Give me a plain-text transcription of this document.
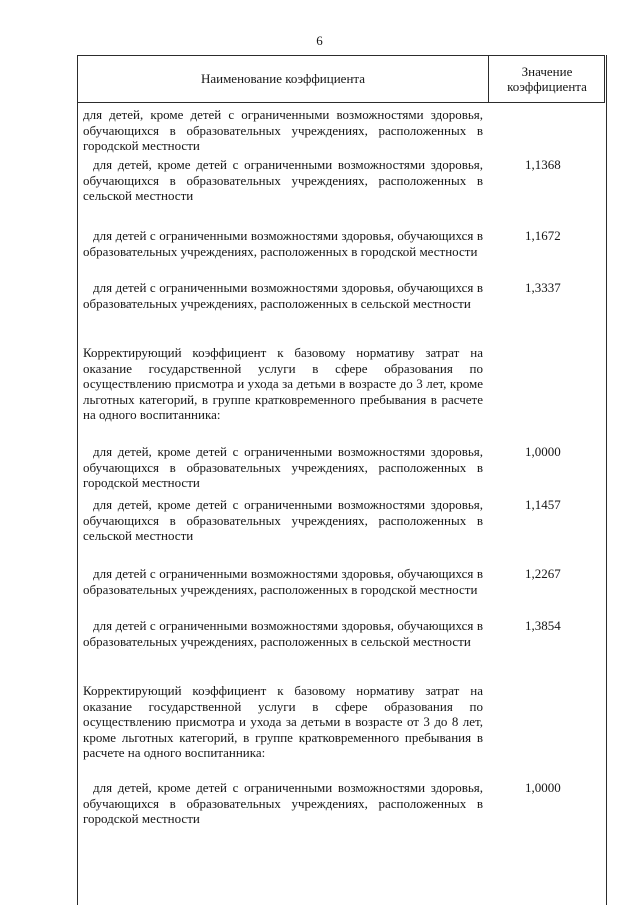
6
Наименование коэффициента	Значение
коэффициента

для детей, кроме детей с ограниченными возможностями здоровья, обучающихся в образовательных учреждениях, расположенных в городской местности

для детей, кроме детей с ограниченными возможностями здоровья, обучающихся в образовательных учреждениях, расположенных в сельской местности

1,1368

для детей с ограниченными возможностями здоровья, обучающихся в образовательных учреждениях, расположенных в городской местности

1,1672

для детей с ограниченными возможностями здоровья, обучающихся в образовательных учреждениях, расположенных в сельской местности

1,3337

Корректирующий коэффициент к базовому нормативу затрат на оказание государственной услуги в сфере образования по осуществлению присмотра и ухода за детьми в возрасте до 3 лет, кроме льготных категорий, в группе кратковременного пребывания в расчете на одного воспитанника:

для детей, кроме детей с ограниченными возможностями здоровья, обучающихся в образовательных учреждениях, расположенных в городской местности

1,0000

для детей, кроме детей с ограниченными возможностями здоровья, обучающихся в образовательных учреждениях, расположенных в сельской местности

1,1457

для детей с ограниченными возможностями здоровья, обучающихся в образовательных учреждениях, расположенных в городской местности

1,2267

для детей с ограниченными возможностями здоровья, обучающихся в образовательных учреждениях, расположенных в сельской местности

1,3854

Корректирующий коэффициент к базовому нормативу затрат на оказание государственной услуги в сфере образования по осуществлению присмотра и ухода за детьми в возрасте от 3 до 8 лет, кроме льготных категорий, в группе кратковременного пребывания в расчете на одного воспитанника:

для детей, кроме детей с ограниченными возможностями здоровья, обучающихся в образовательных учреждениях, расположенных в городской местности

1,0000
